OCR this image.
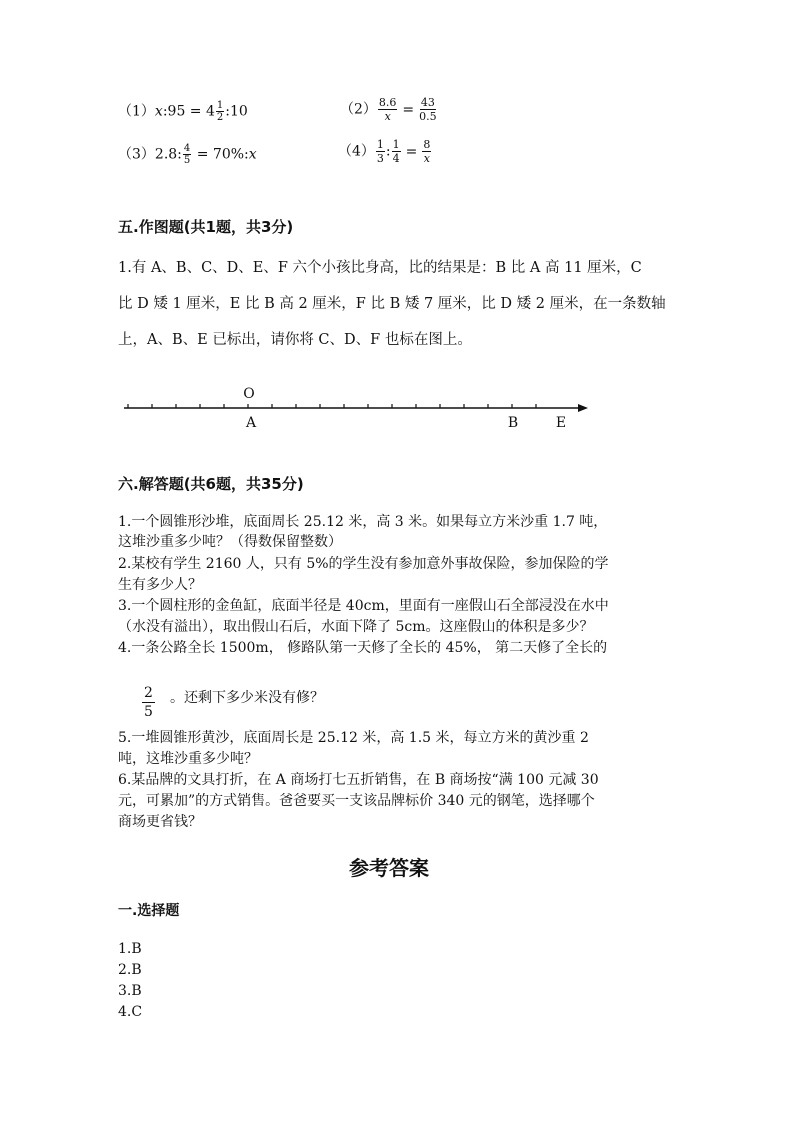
（1）x:95 = $4 \frac{1}{2}$ :10	$(2) \frac{8.6}{x} = \frac{43}{0.5}$
（3）2.8: $\frac{4}{5}$ = 70%:x	$(4) \frac{1}{3}$ : $\frac{1}{4} = \frac{8}{x}$
五.作图题(共1题，共3分)
1.有 A、B、C、D、E、F 六个小孩比身高，比的结果是：B 比 A 高 11 厘米，C
比 D 矮 1 厘米，E 比 B 高 2 厘米，F 比 B 矮 7 厘米，比 D 矮 2 厘米，在一条数轴
上，A、B、E 已标出，请你将 C、D、F 也标在图上。
O
A	B	E
六.解答题(共6题，共35分)
1.一个圆锥形沙堆，底面周长 25.12 米，高 3 米。如果每立方米沙重 1.7 吨，
这堆沙重多少吨？（得数保留整数）
2.某校有学生 2160 人，只有 5%的学生没有参加意外事故保险，参加保险的学
生有多少人？
3.一个圆柱形的金鱼缸，底面半径是 40cm，里面有一座假山石全部浸没在水中
（水没有溢出），取出假山石后，水面下降了 5cm。这座假山的体积是多少？
4.一条公路全长 1500m， 修路队第一天修了全长的 45%， 第二天修了全长的
$\frac{2}{5}$ 。还剩下多少米没有修？
5.一堆圆锥形黄沙，底面周长是 25.12 米，高 1.5 米，每立方米的黄沙重 2
吨，这堆沙重多少吨？
6.某品牌的文具打折，在 A 商场打七五折销售，在 B 商场按“满 100 元减 30
元，可累加”的方式销售。爸爸要买一支该品牌标价 340 元的钢笔，选择哪个
商场更省钱？
参考答案
一.选择题
1.B
2.B
3.B
4.C
